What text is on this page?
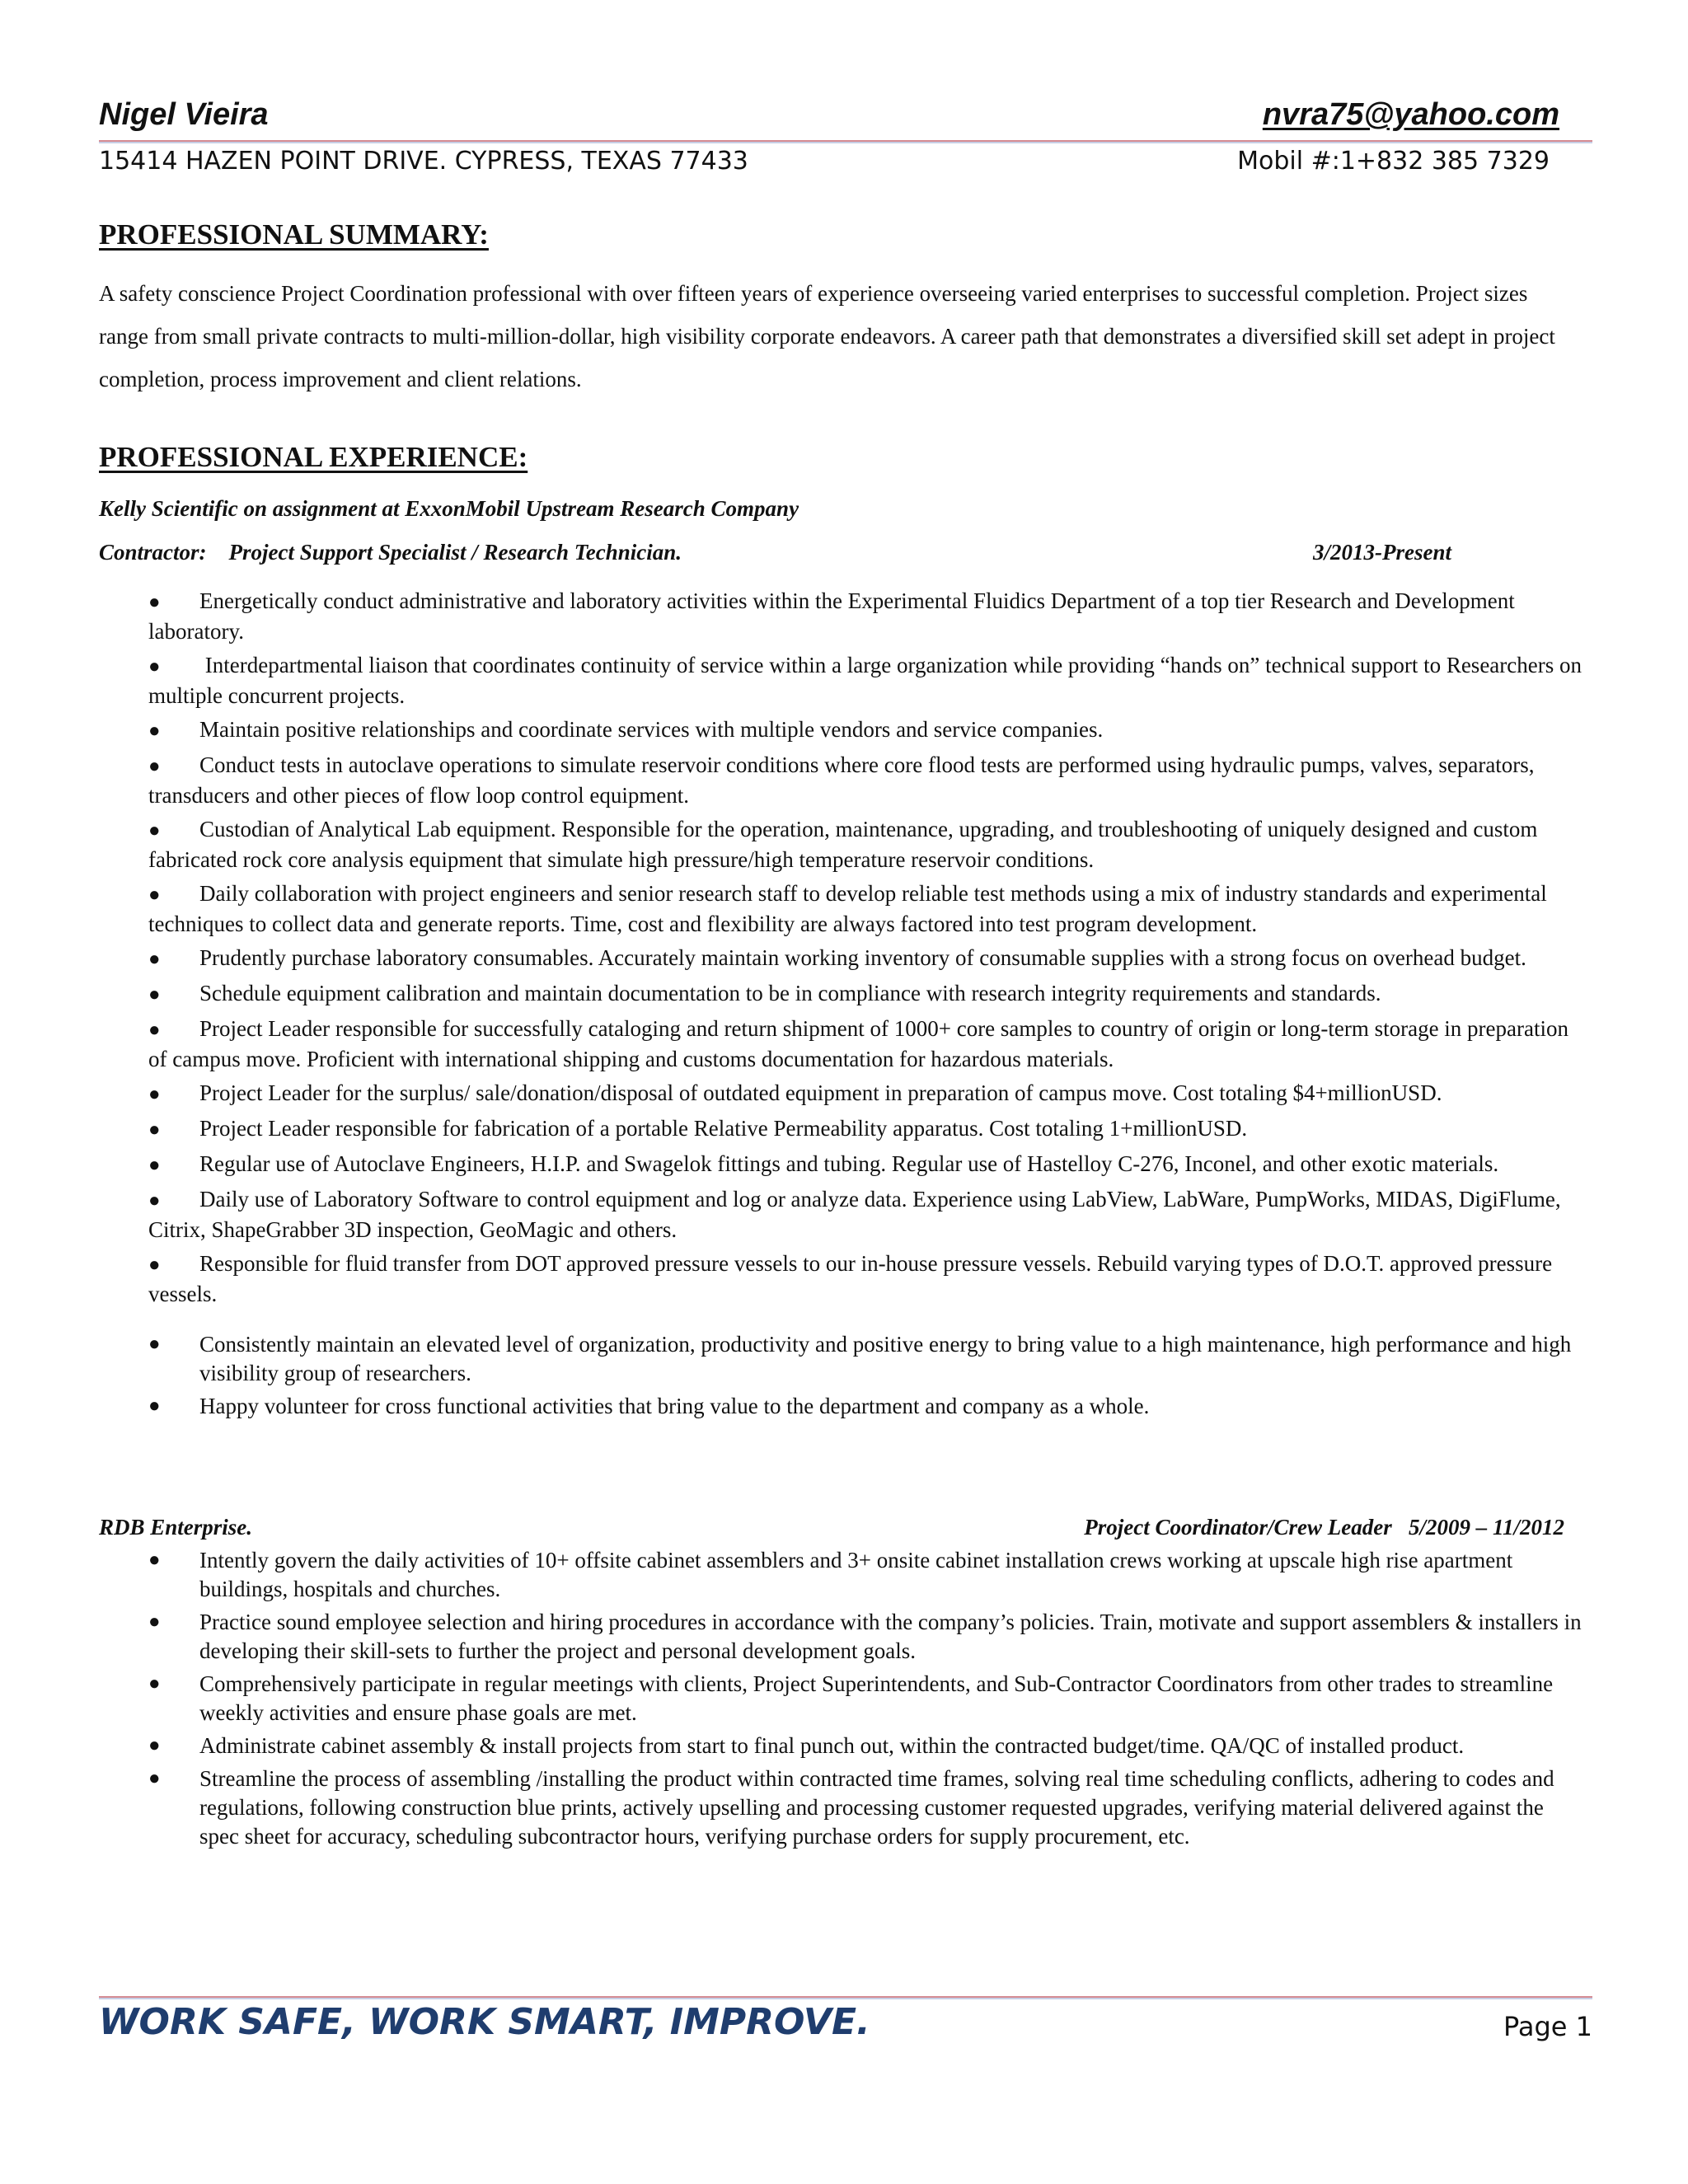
Nigel Vieira	nvra75@yahoo.com
15414 HAZEN POINT DRIVE. CYPRESS, TEXAS 77433	Mobil #:1+832 385 7329
PROFESSIONAL SUMMARY:
A safety conscience Project Coordination professional with over fifteen years of experience overseeing varied enterprises to successful completion. Project sizes range from small private contracts to multi-million-dollar, high visibility corporate endeavors. A career path that demonstrates a diversified skill set adept in project completion, process improvement and client relations.
PROFESSIONAL EXPERIENCE:
Kelly Scientific on assignment at ExxonMobil Upstream Research Company
Contractor:    Project Support Specialist / Research Technician.	3/2013-Present
● Energetically conduct administrative and laboratory activities within the Experimental Fluidics Department of a top tier Research and Development laboratory.
● Interdepartmental liaison that coordinates continuity of service within a large organization while providing “hands on” technical support to Researchers on multiple concurrent projects.
● Maintain positive relationships and coordinate services with multiple vendors and service companies.
● Conduct tests in autoclave operations to simulate reservoir conditions where core flood tests are performed using hydraulic pumps, valves, separators, transducers and other pieces of flow loop control equipment.
● Custodian of Analytical Lab equipment. Responsible for the operation, maintenance, upgrading, and troubleshooting of uniquely designed and custom fabricated rock core analysis equipment that simulate high pressure/high temperature reservoir conditions.
● Daily collaboration with project engineers and senior research staff to develop reliable test methods using a mix of industry standards and experimental techniques to collect data and generate reports. Time, cost and flexibility are always factored into test program development.
● Prudently purchase laboratory consumables. Accurately maintain working inventory of consumable supplies with a strong focus on overhead budget.
● Schedule equipment calibration and maintain documentation to be in compliance with research integrity requirements and standards.
● Project Leader responsible for successfully cataloging and return shipment of 1000+ core samples to country of origin or long-term storage in preparation of campus move. Proficient with international shipping and customs documentation for hazardous materials.
● Project Leader for the surplus/ sale/donation/disposal of outdated equipment in preparation of campus move. Cost totaling $4+millionUSD.
● Project Leader responsible for fabrication of a portable Relative Permeability apparatus. Cost totaling 1+millionUSD.
● Regular use of Autoclave Engineers, H.I.P. and Swagelok fittings and tubing. Regular use of Hastelloy C-276, Inconel, and other exotic materials.
● Daily use of Laboratory Software to control equipment and log or analyze data. Experience using LabView, LabWare, PumpWorks, MIDAS, DigiFlume, Citrix, ShapeGrabber 3D inspection, GeoMagic and others.
● Responsible for fluid transfer from DOT approved pressure vessels to our in-house pressure vessels. Rebuild varying types of D.O.T. approved pressure vessels.
● Consistently maintain an elevated level of organization, productivity and positive energy to bring value to a high maintenance, high performance and high visibility group of researchers.
● Happy volunteer for cross functional activities that bring value to the department and company as a whole.
RDB Enterprise.	Project Coordinator/Crew Leader   5/2009 – 11/2012
● Intently govern the daily activities of 10+ offsite cabinet assemblers and 3+ onsite cabinet installation crews working at upscale high rise apartment buildings, hospitals and churches.
● Practice sound employee selection and hiring procedures in accordance with the company’s policies. Train, motivate and support assemblers & installers in developing their skill-sets to further the project and personal development goals.
● Comprehensively participate in regular meetings with clients, Project Superintendents, and Sub-Contractor Coordinators from other trades to streamline weekly activities and ensure phase goals are met.
● Administrate cabinet assembly & install projects from start to final punch out, within the contracted budget/time. QA/QC of installed product.
● Streamline the process of assembling /installing the product within contracted time frames, solving real time scheduling conflicts, adhering to codes and regulations, following construction blue prints, actively upselling and processing customer requested upgrades, verifying material delivered against the spec sheet for accuracy, scheduling subcontractor hours, verifying purchase orders for supply procurement, etc.
WORK SAFE, WORK SMART, IMPROVE.	Page 1
